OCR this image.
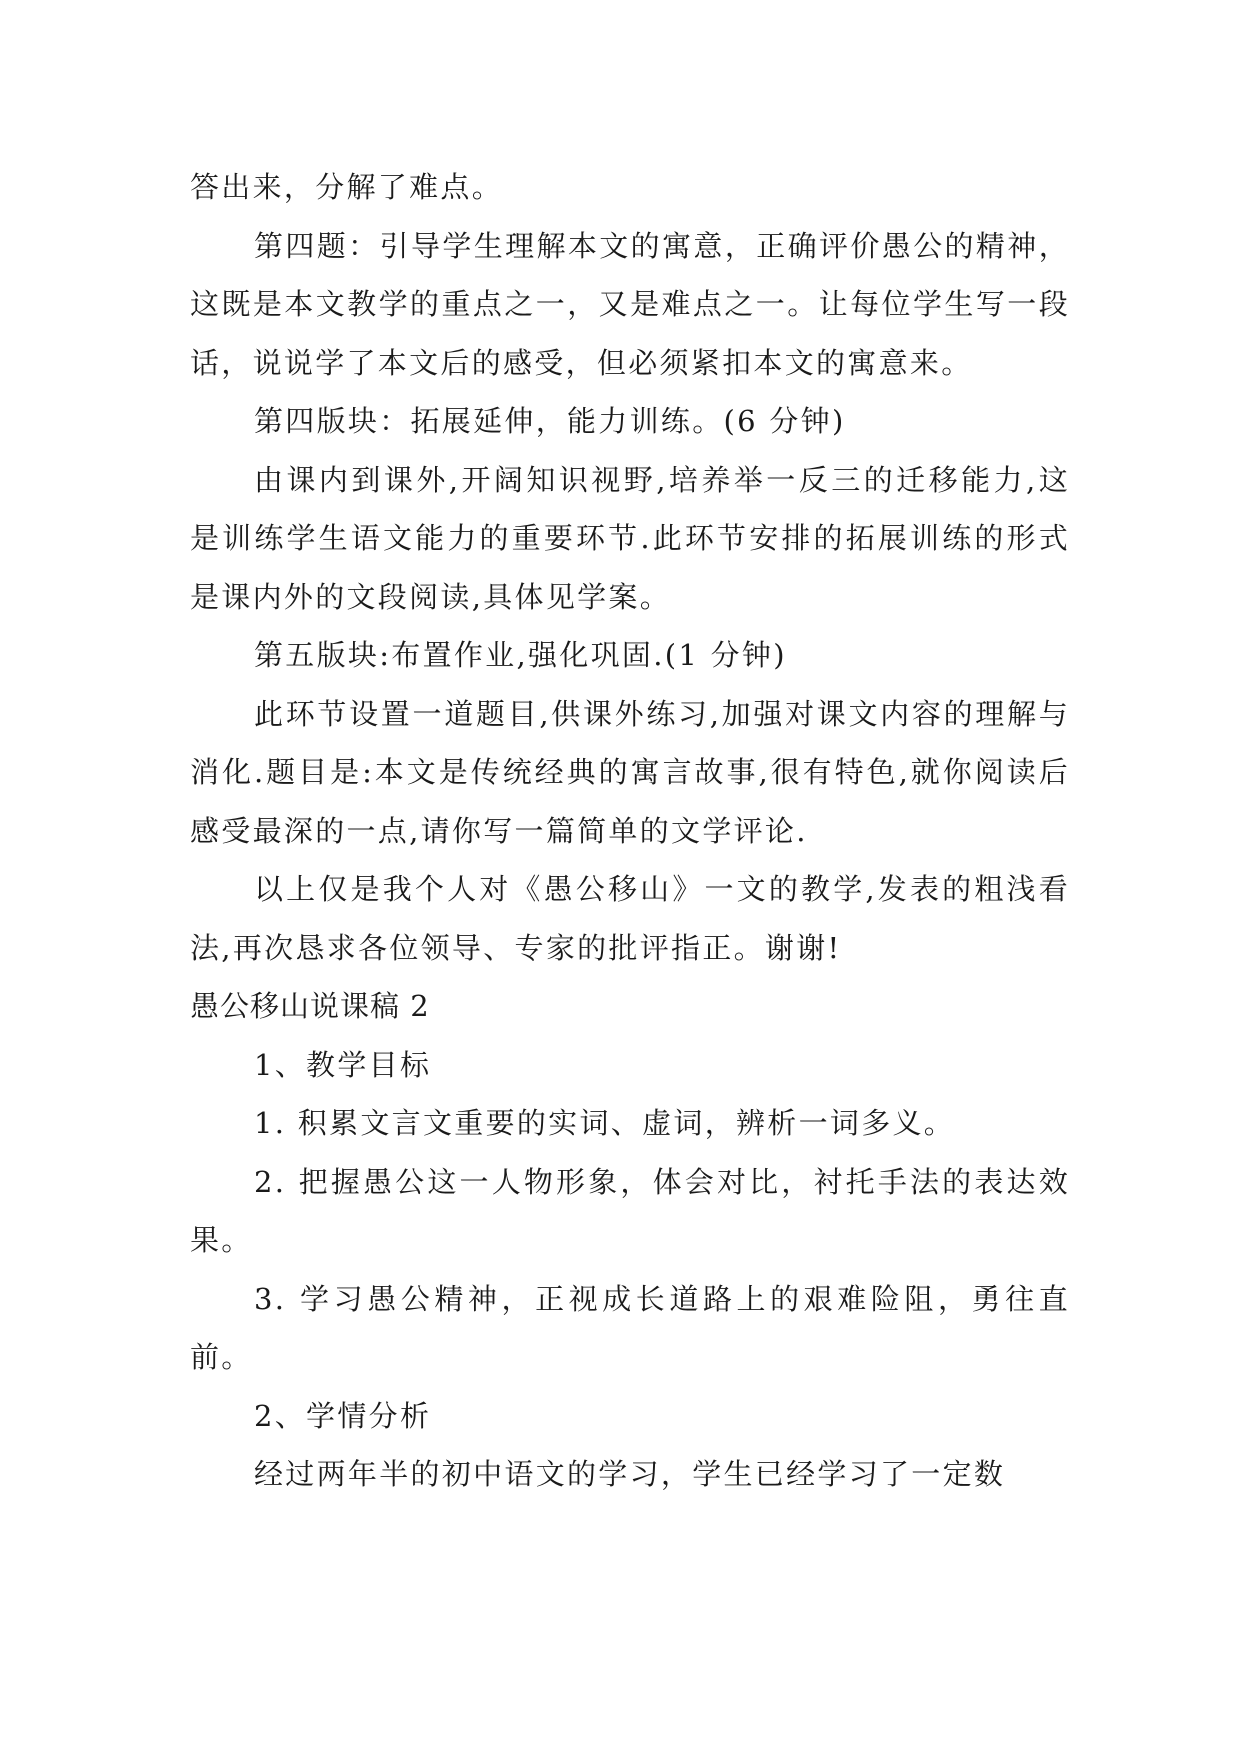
答出来，分解了难点。

第四题：引导学生理解本文的寓意，正确评价愚公的精神，这既是本文教学的重点之一，又是难点之一。让每位学生写一段话，说说学了本文后的感受，但必须紧扣本文的寓意来。

第四版块：拓展延伸，能力训练。(6 分钟)

由课内到课外,开阔知识视野,培养举一反三的迁移能力,这是训练学生语文能力的重要环节.此环节安排的拓展训练的形式是课内外的文段阅读,具体见学案。

第五版块:布置作业,强化巩固.(1 分钟)

此环节设置一道题目,供课外练习,加强对课文内容的理解与消化.题目是:本文是传统经典的寓言故事,很有特色,就你阅读后感受最深的一点,请你写一篇简单的文学评论.

以上仅是我个人对《愚公移山》一文的教学,发表的粗浅看法,再次恳求各位领导、专家的批评指正。谢谢!

愚公移山说课稿 2

1、教学目标

1. 积累文言文重要的实词、虚词，辨析一词多义。

2. 把握愚公这一人物形象，体会对比，衬托手法的表达效果。

3. 学习愚公精神，正视成长道路上的艰难险阻，勇往直前。

2、学情分析

经过两年半的初中语文的学习，学生已经学习了一定数
